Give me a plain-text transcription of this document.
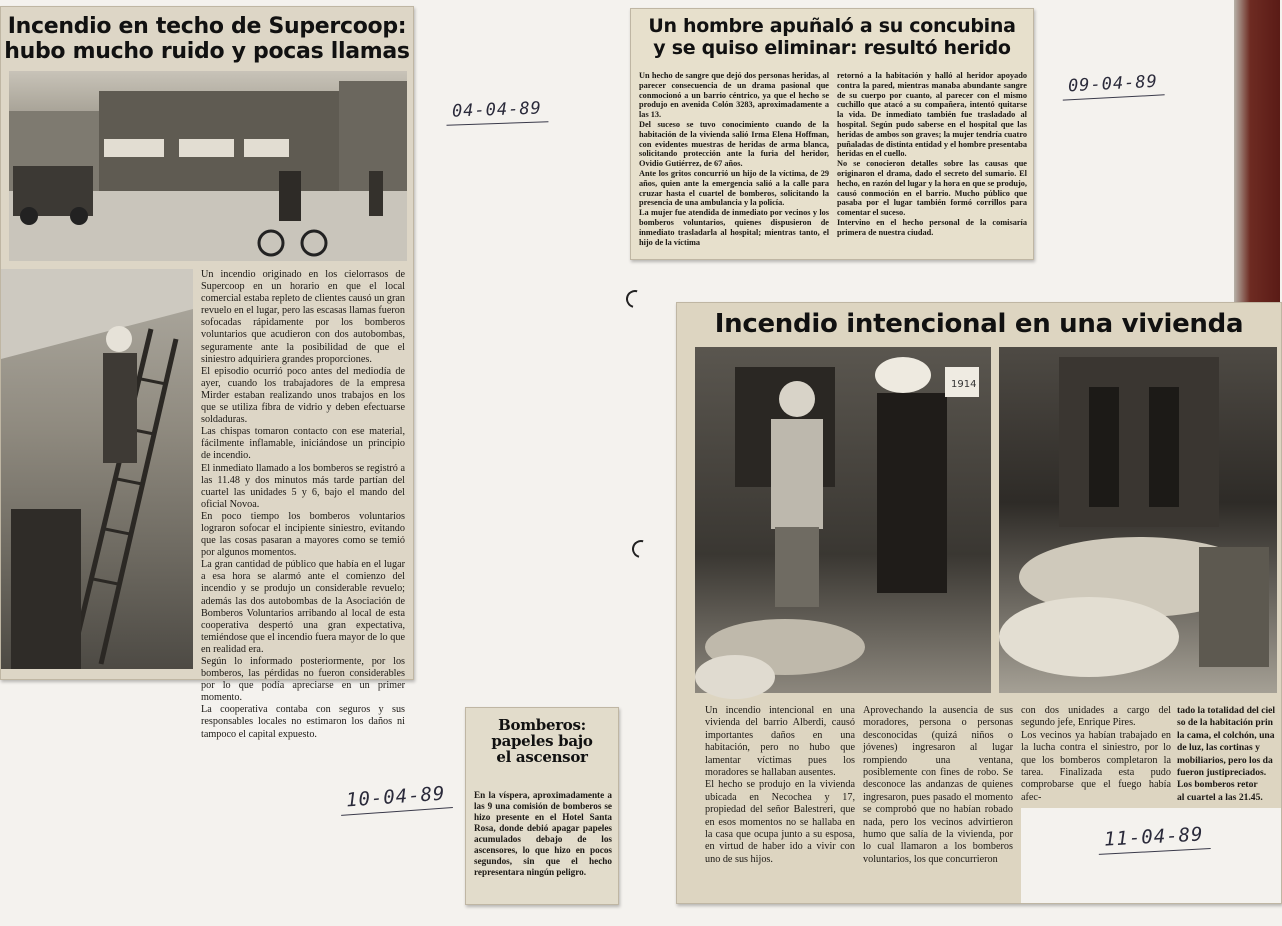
Incendio en techo de Supercoop:

hubo mucho ruido y pocas llamas

Un incendio originado en los cielorrasos de Supercoop en un horario en que el local comercial estaba repleto de clientes causó un gran revuelo en el lugar, pero las escasas llamas fueron sofocadas rápidamente por los bomberos voluntarios que acudieron con dos autobombas, seguramente ante la posibilidad de que el siniestro adquiriera grandes proporciones.
El episodio ocurrió poco antes del mediodía de ayer, cuando los trabajadores de la empresa Mirder estaban realizando unos trabajos en los que se utiliza fibra de vidrio y deben efectuarse soldaduras.
Las chispas tomaron contacto con ese material, fácilmente inflamable, iniciándose un principio de incendio.
El inmediato llamado a los bomberos se registró a las 11.48 y dos minutos más tarde partían del cuartel las unidades 5 y 6, bajo el mando del oficial Novoa.
En poco tiempo los bomberos voluntarios lograron sofocar el incipiente siniestro, evitando que las cosas pasaran a mayores como se temió por algunos momentos.
La gran cantidad de público que había en el lugar a esa hora se alarmó ante el comienzo del incendio y se produjo un considerable revuelo; además las dos autobombas de la Asociación de Bomberos Voluntarios arribando al local de esta cooperativa despertó una gran expectativa, temiéndose que el incendio fuera mayor de lo que en realidad era.
Según lo informado posteriormente, por los bomberos, las pérdidas no fueron considerables por lo que podía apreciarse en un primer momento.
La cooperativa contaba con seguros y sus responsables locales no estimaron los daños ni tampoco el capital expuesto.

Un hombre apuñaló a su concubina

y se quiso eliminar: resultó herido

Un hecho de sangre que dejó dos personas heridas, al parecer consecuencia de un drama pasional que conmocionó a un barrio céntrico, ya que el hecho se produjo en avenida Colón 3283, aproximadamente a las 13.
Del suceso se tuvo conocimiento cuando de la habitación de la vivienda salió Irma Elena Hoffman, con evidentes muestras de heridas de arma blanca, solicitando protección ante la furia del heridor, Ovidio Gutiérrez, de 67 años.
Ante los gritos concurrió un hijo de la víctima, de 29 años, quien ante la emergencia salió a la calle para cruzar hasta el cuartel de bomberos, solicitando la presencia de una ambulancia y la policía.
La mujer fue atendida de inmediato por vecinos y los bomberos voluntarios, quienes dispusieron de inmediato trasladarla al hospital; mientras tanto, el hijo de la víctima
retornó a la habitación y halló al heridor apoyado contra la pared, mientras manaba abundante sangre de su cuerpo por cuanto, al parecer con el mismo cuchillo que atacó a su compañera, intentó quitarse la vida. De inmediato también fue trasladado al hospital. Según pudo saberse en el hospital que las heridas de ambos son graves; la mujer tendría cuatro puñaladas de distinta entidad y el hombre presentaba heridas en el cuello.
No se conocieron detalles sobre las causas que originaron el drama, dado el secreto del sumario. El hecho, en razón del lugar y la hora en que se produjo, causó conmoción en el barrio. Mucho público que pasaba por el lugar también formó corrillos para comentar el suceso.
Intervino en el hecho personal de la comisaría primera de nuestra ciudad.

Bomberos:

papeles bajo

el ascensor

En la víspera, aproximadamente a las 9 una comisión de bomberos se hizo presente en el Hotel Santa Rosa, donde debió apagar papeles acumulados debajo de los ascensores, lo que hizo en pocos segundos, sin que el hecho representara ningún peligro.

Incendio intencional en una vivienda

1914
Un incendio intencional en una vivienda del barrio Alberdi, causó importantes daños en una habitación, pero no hubo que lamentar víctimas pues los moradores se hallaban ausentes.
El hecho se produjo en la vivienda ubicada en Necochea y 17, propiedad del señor Balestreri, que en esos momentos no se hallaba en la casa que ocupa junto a su esposa, en virtud de haber ido a vivir con uno de sus hijos.
Aprovechando la ausencia de sus moradores, persona o personas desconocidas (quizá niños o jóvenes) ingresaron al lugar rompiendo una ventana, posiblemente con fines de robo. Se desconoce las andanzas de quienes ingresaron, pues pasado el momento se comprobó que no habían robado nada, pero los vecinos advirtieron humo que salía de la vivienda, por lo cual llamaron a los bomberos voluntarios, los que concurrieron
con dos unidades a cargo del segundo jefe, Enrique Pires.
Los vecinos ya habían trabajado en la lucha contra el siniestro, por lo que los bomberos completaron la tarea. Finalizada esta pudo comprobarse que el fuego había afec-
tado la totalidad del ciel
so de la habitación prin
la cama, el colchón, una
de luz, las cortinas y
mobiliarios, pero los da
fueron justipreciados.
Los bomberos retor
al cuartel a las 21.45.
04-04-89
09-04-89
10-04-89
11-04-89
